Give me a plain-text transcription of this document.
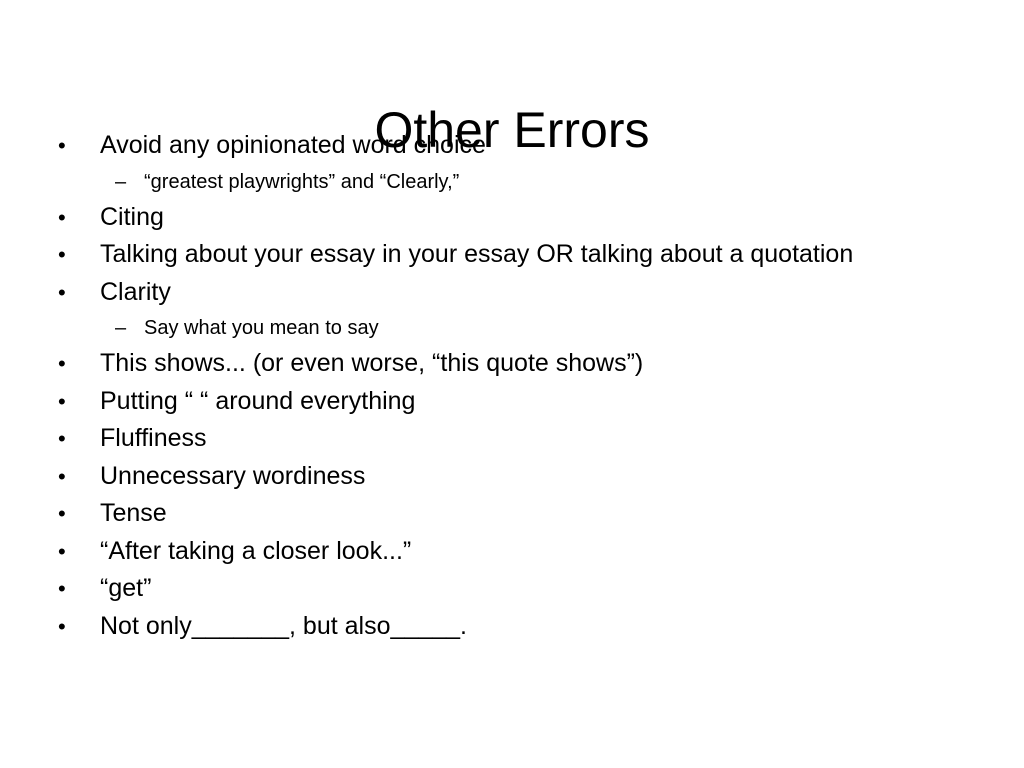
Other Errors
•	Avoid any opinionated word choice
– “greatest playwrights” and “Clearly,”
•	Citing
•	Talking about your essay in your essay OR talking about a quotation
•	Clarity
– Say what you mean to say
•	This shows... (or even worse, “this quote shows”)
•	Putting “ “ around everything
•	Fluffiness
•	Unnecessary wordiness
•	Tense
•	“After taking a closer look...”
•	“get”
•	Not only_______, but also_____.
